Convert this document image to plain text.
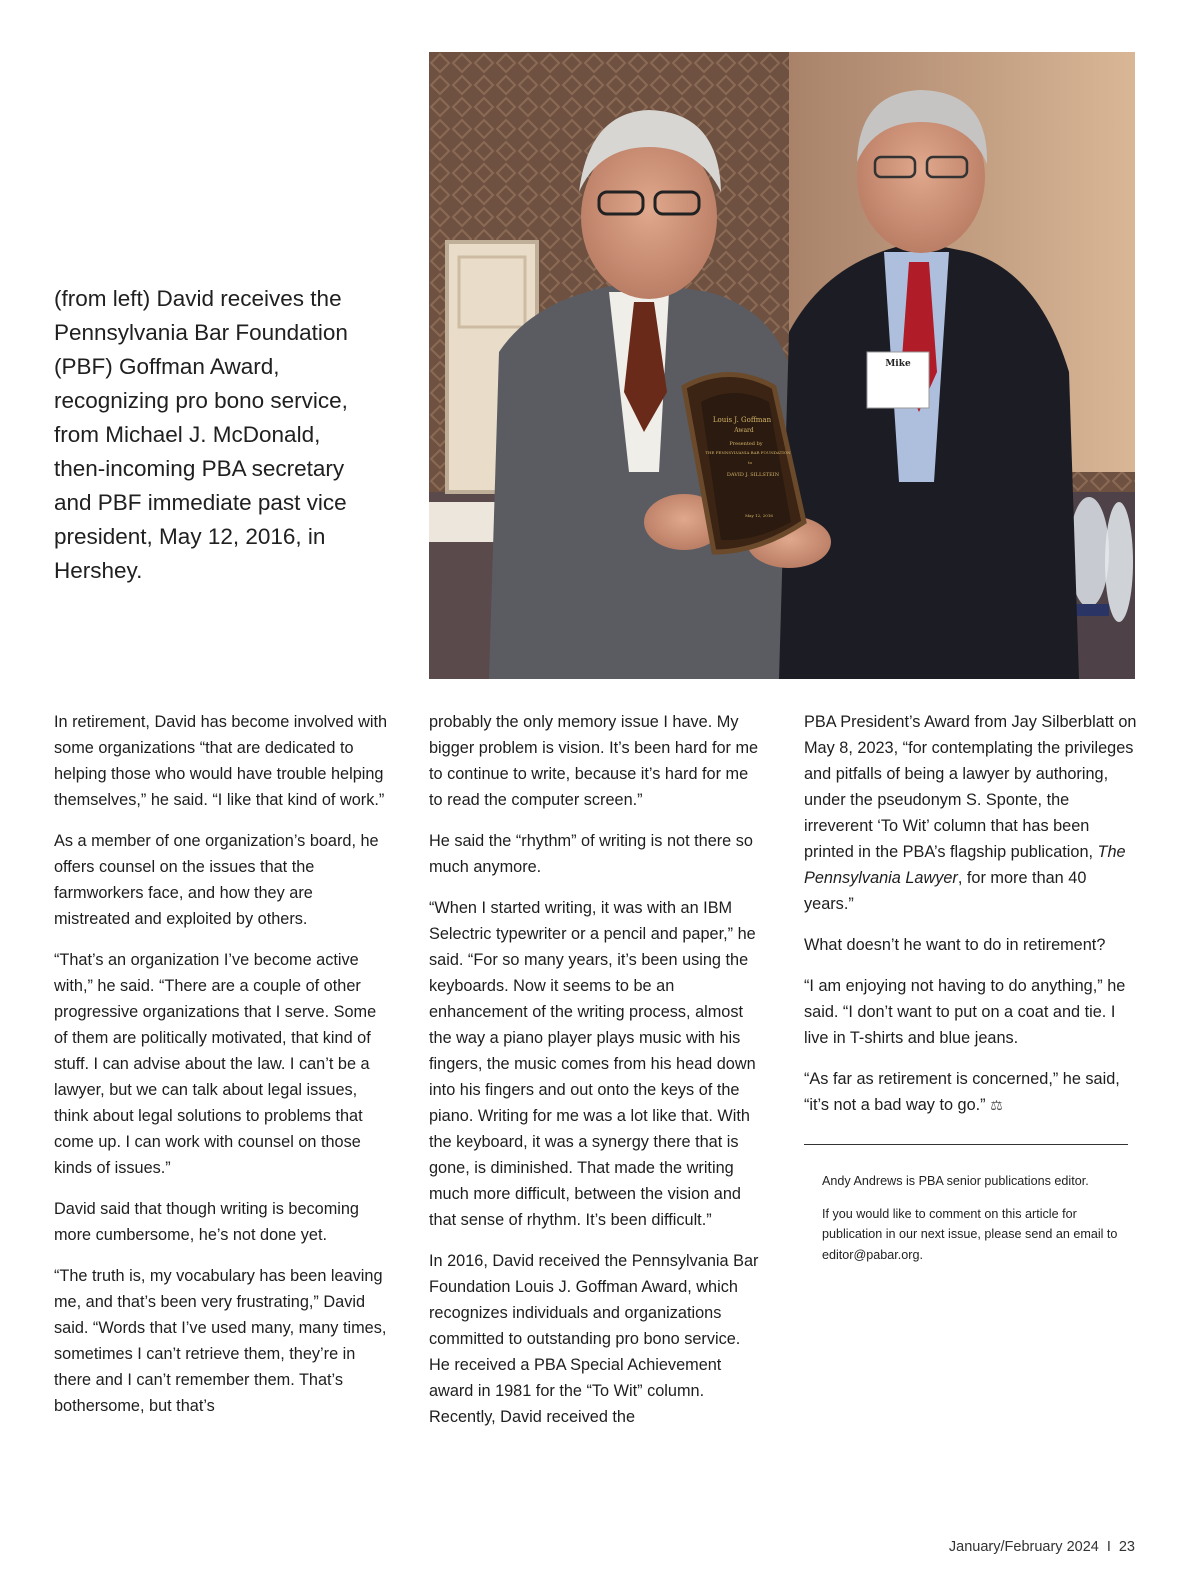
(from left) David receives the Pennsylvania Bar Foundation (PBF) Goffman Award, recognizing pro bono service, from Michael J. McDonald, then-incoming PBA secretary and PBF immediate past vice president, May 12, 2016, in Hershey.

Mike
Louis J. Goffman
Award
Presented by
THE PENNSYLVANIA BAR FOUNDATION
to
DAVID J. SILLSTEIN
May 12, 2016

In retirement, David has become involved with some organizations “that are dedicated to helping those who would have trouble helping themselves,” he said. “I like that kind of work.”

As a member of one organization’s board, he offers counsel on the issues that the farmworkers face, and how they are mistreated and exploited by others.

“That’s an organization I’ve become active with,” he said. “There are a couple of other progressive organizations that I serve. Some of them are politically motivated, that kind of stuff. I can advise about the law. I can’t be a lawyer, but we can talk about legal issues, think about legal solutions to problems that come up. I can work with counsel on those kinds of issues.”

David said that though writing is becoming more cumbersome, he’s not done yet.

“The truth is, my vocabulary has been leaving me, and that’s been very frustrating,” David said. “Words that I’ve used many, many times, sometimes I can’t retrieve them, they’re in there and I can’t remember them. That’s bothersome, but that’s

probably the only memory issue I have. My bigger problem is vision. It’s been hard for me to continue to write, because it’s hard for me to read the computer screen.”

He said the “rhythm” of writing is not there so much anymore.

“When I started writing, it was with an IBM Selectric typewriter or a pencil and paper,” he said. “For so many years, it’s been using the keyboards. Now it seems to be an enhancement of the writing process, almost the way a piano player plays music with his fingers, the music comes from his head down into his fingers and out onto the keys of the piano. Writing for me was a lot like that. With the keyboard, it was a synergy there that is gone, is diminished. That made the writing much more difficult, between the vision and that sense of rhythm. It’s been difficult.”

In 2016, David received the Pennsylvania Bar Foundation Louis J. Goffman Award, which recognizes individuals and organizations committed to outstanding pro bono service. He received a PBA Special Achievement award in 1981 for the “To Wit” column. Recently, David received the

PBA President’s Award from Jay Silberblatt on May 8, 2023, “for contemplating the privileges and pitfalls of being a lawyer by authoring, under the pseudonym S. Sponte, the irreverent ‘To Wit’ column that has been printed in the PBA’s flagship publication, The Pennsylvania Lawyer, for more than 40 years.”

What doesn’t he want to do in retirement?

“I am enjoying not having to do anything,” he said. “I don’t want to put on a coat and tie. I live in T-shirts and blue jeans.

“As far as retirement is concerned,” he said, “it’s not a bad way to go.” ⚖

Andy Andrews is PBA senior publications editor.

If you would like to comment on this article for publication in our next issue, please send an email to editor@pabar.org.

January/February 2024 I 23
